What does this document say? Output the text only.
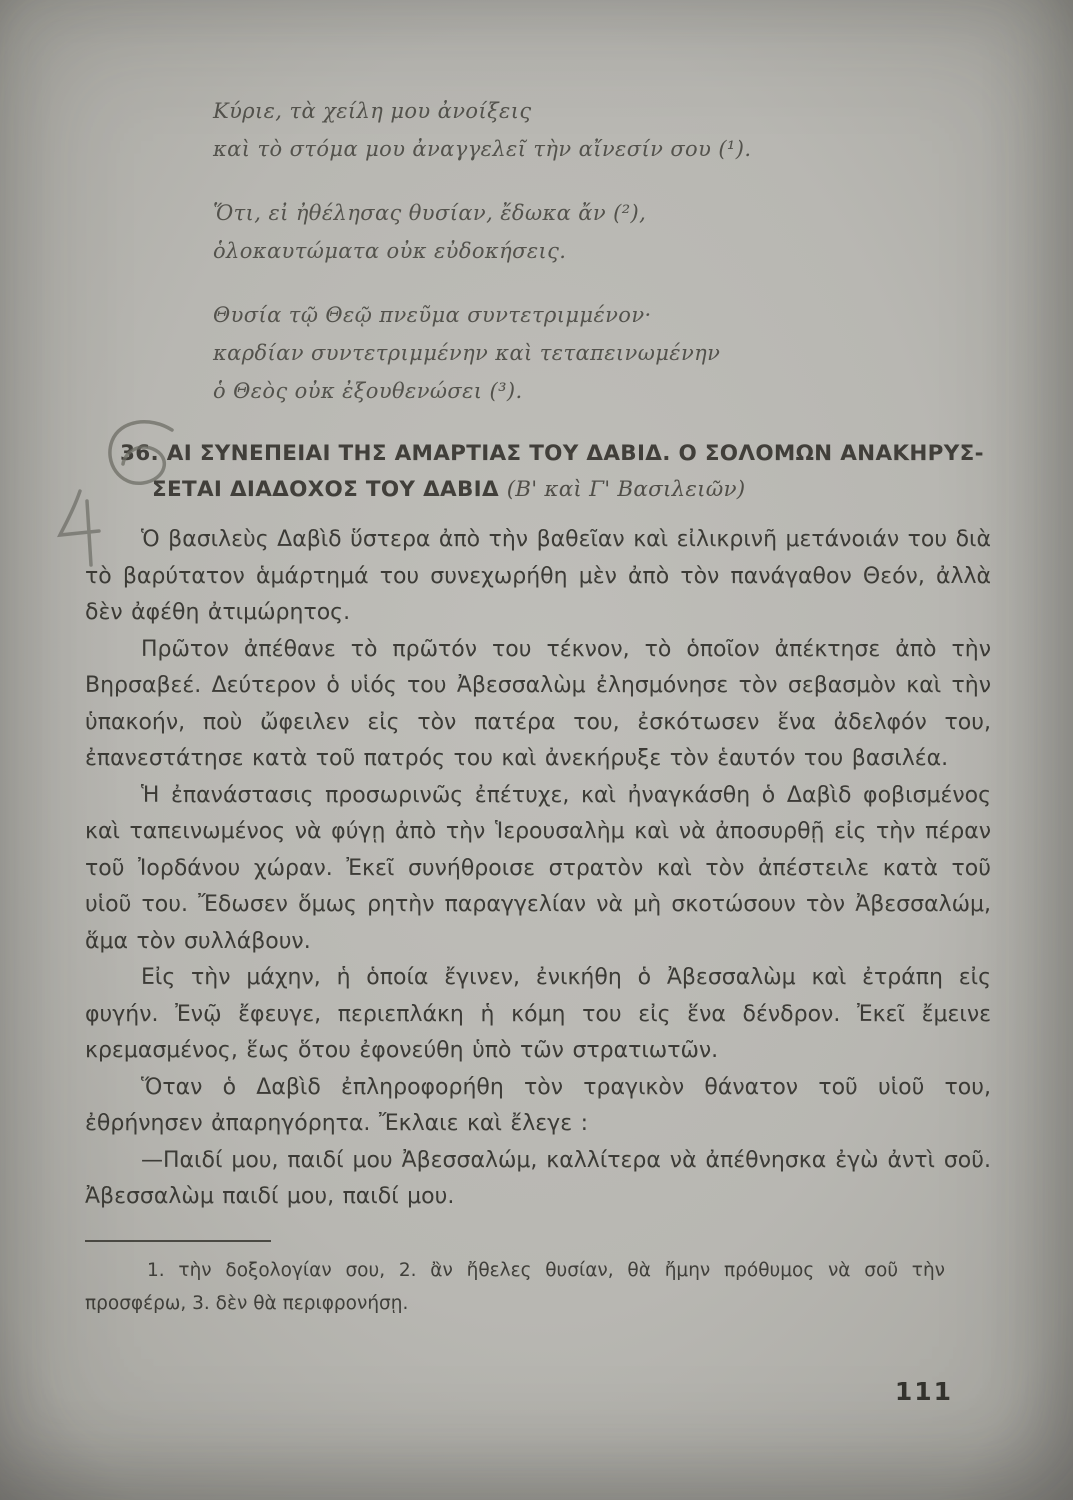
Κύριε, τὰ χείλη μου ἀνοίξεις
καὶ τὸ στόμα μου ἀναγγελεῖ τὴν αἴνεσίν σου (¹).
Ὅτι, εἰ ἠθέλησας θυσίαν, ἔδωκα ἄν (²),
ὁλοκαυτώματα οὐκ εὐδοκήσεις.
Θυσία τῷ Θεῷ πνεῦμα συντετριμμένον·
καρδίαν συντετριμμένην καὶ τεταπεινωμένην
ὁ Θεὸς οὐκ ἐξουθενώσει (³).
36. ΑΙ ΣΥΝΕΠΕΙΑΙ ΤΗΣ ΑΜΑΡΤΙΑΣ ΤΟΥ ΔΑΒΙΔ. Ο ΣΟΛΟΜΩΝ ΑΝΑΚΗΡΥΣ-
ΣΕΤΑΙ ΔΙΑΔΟΧΟΣ ΤΟΥ ΔΑΒΙΔ (Β' καὶ Γ' Βασιλειῶν)

Ὁ βασιλεὺς Δαβὶδ ὕστερα ἀπὸ τὴν βαθεῖαν καὶ εἰλικρινῆ μετάνοιάν του διὰ τὸ βαρύτατον ἁμάρτημά του συνεχωρήθη μὲν ἀπὸ τὸν πανάγαθον Θεόν, ἀλλὰ δὲν ἀφέθη ἀτιμώρητος.

Πρῶτον ἀπέθανε τὸ πρῶτόν του τέκνον, τὸ ὁποῖον ἀπέκτησε ἀπὸ τὴν Βηρσαβεέ. Δεύτερον ὁ υἱός του Ἀβεσσαλὼμ ἐλησμόνησε τὸν σεβασμὸν καὶ τὴν ὑπακοήν, ποὺ ὤφειλεν εἰς τὸν πατέρα του, ἐσκότωσεν ἕνα ἀδελφόν του, ἐπανεστάτησε κατὰ τοῦ πατρός του καὶ ἀνεκήρυξε τὸν ἑαυτόν του βασιλέα.

Ἡ ἐπανάστασις προσωρινῶς ἐπέτυχε, καὶ ἠναγκάσθη ὁ Δαβὶδ φοβισμένος καὶ ταπεινωμένος νὰ φύγῃ ἀπὸ τὴν Ἱερουσαλὴμ καὶ νὰ ἀποσυρθῇ εἰς τὴν πέραν τοῦ Ἰορδάνου χώραν. Ἐκεῖ συνήθροισε στρατὸν καὶ τὸν ἀπέστειλε κατὰ τοῦ υἱοῦ του. Ἔδωσεν ὅμως ρητὴν παραγγελίαν νὰ μὴ σκοτώσουν τὸν Ἀβεσσαλώμ, ἅμα τὸν συλλάβουν.

Εἰς τὴν μάχην, ἡ ὁποία ἔγινεν, ἐνικήθη ὁ Ἀβεσσαλὼμ καὶ ἐτράπη εἰς φυγήν. Ἐνῷ ἔφευγε, περιεπλάκη ἡ κόμη του εἰς ἕνα δένδρον. Ἐκεῖ ἔμεινε κρεμασμένος, ἕως ὅτου ἐφονεύθη ὑπὸ τῶν στρατιωτῶν.

Ὅταν ὁ Δαβὶδ ἐπληροφορήθη τὸν τραγικὸν θάνατον τοῦ υἱοῦ του, ἐθρήνησεν ἀπαρηγόρητα. Ἔκλαιε καὶ ἔλεγε :

—Παιδί μου, παιδί μου Ἀβεσσαλώμ, καλλίτερα νὰ ἀπέθνησκα ἐγὼ ἀντὶ σοῦ. Ἀβεσσαλὼμ παιδί μου, παιδί μου.

1. τὴν δοξολογίαν σου, 2. ἂν ἤθελες θυσίαν, θὰ ἤμην πρόθυμος νὰ σοῦ τὴν προσφέρω, 3. δὲν θὰ περιφρονήσῃ.

111
